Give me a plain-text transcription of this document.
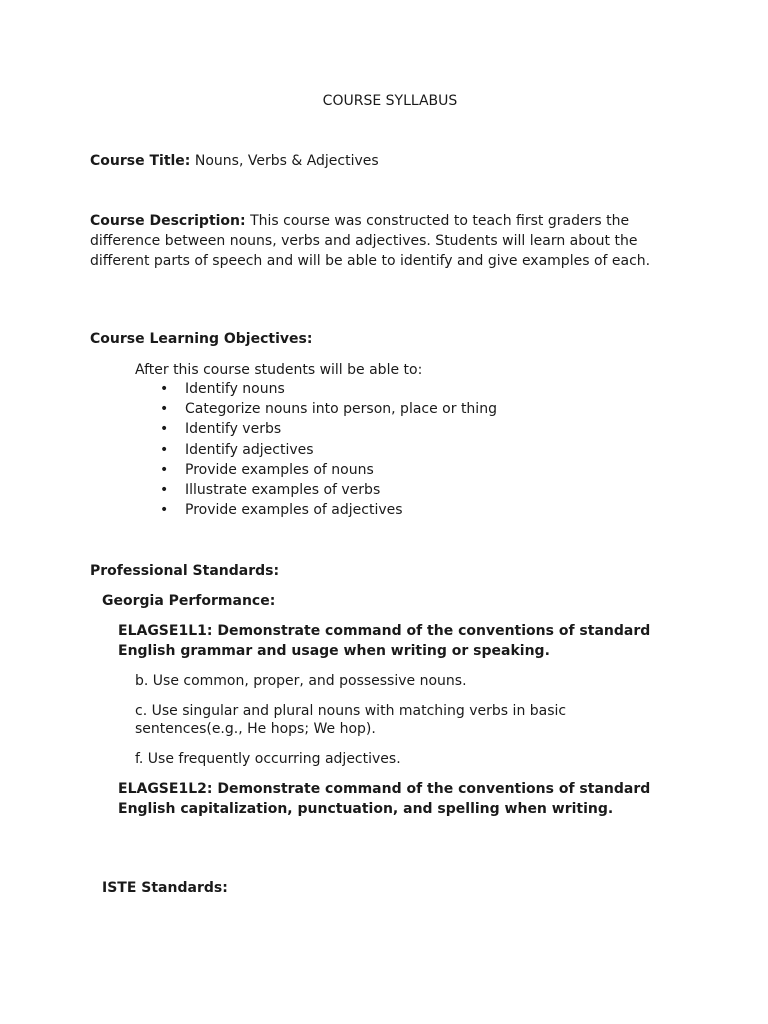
COURSE SYLLABUS
Course Title: Nouns, Verbs & Adjectives
Course Description: This course was constructed to teach first graders the difference between nouns, verbs and adjectives. Students will learn about the different parts of speech and will be able to identify and give examples of each.
Course Learning Objectives:
After this course students will be able to:
• Identify nouns
• Categorize nouns into person, place or thing
• Identify verbs
• Identify adjectives
• Provide examples of nouns
• Illustrate examples of verbs
• Provide examples of adjectives
Professional Standards:
Georgia Performance:
ELAGSE1L1: Demonstrate command of the conventions of standard English grammar and usage when writing or speaking.
b. Use common, proper, and possessive nouns.
c. Use singular and plural nouns with matching verbs in basic sentences(e.g., He hops; We hop).
f. Use frequently occurring adjectives.
ELAGSE1L2: Demonstrate command of the conventions of standard English capitalization, punctuation, and spelling when writing.
ISTE Standards:
